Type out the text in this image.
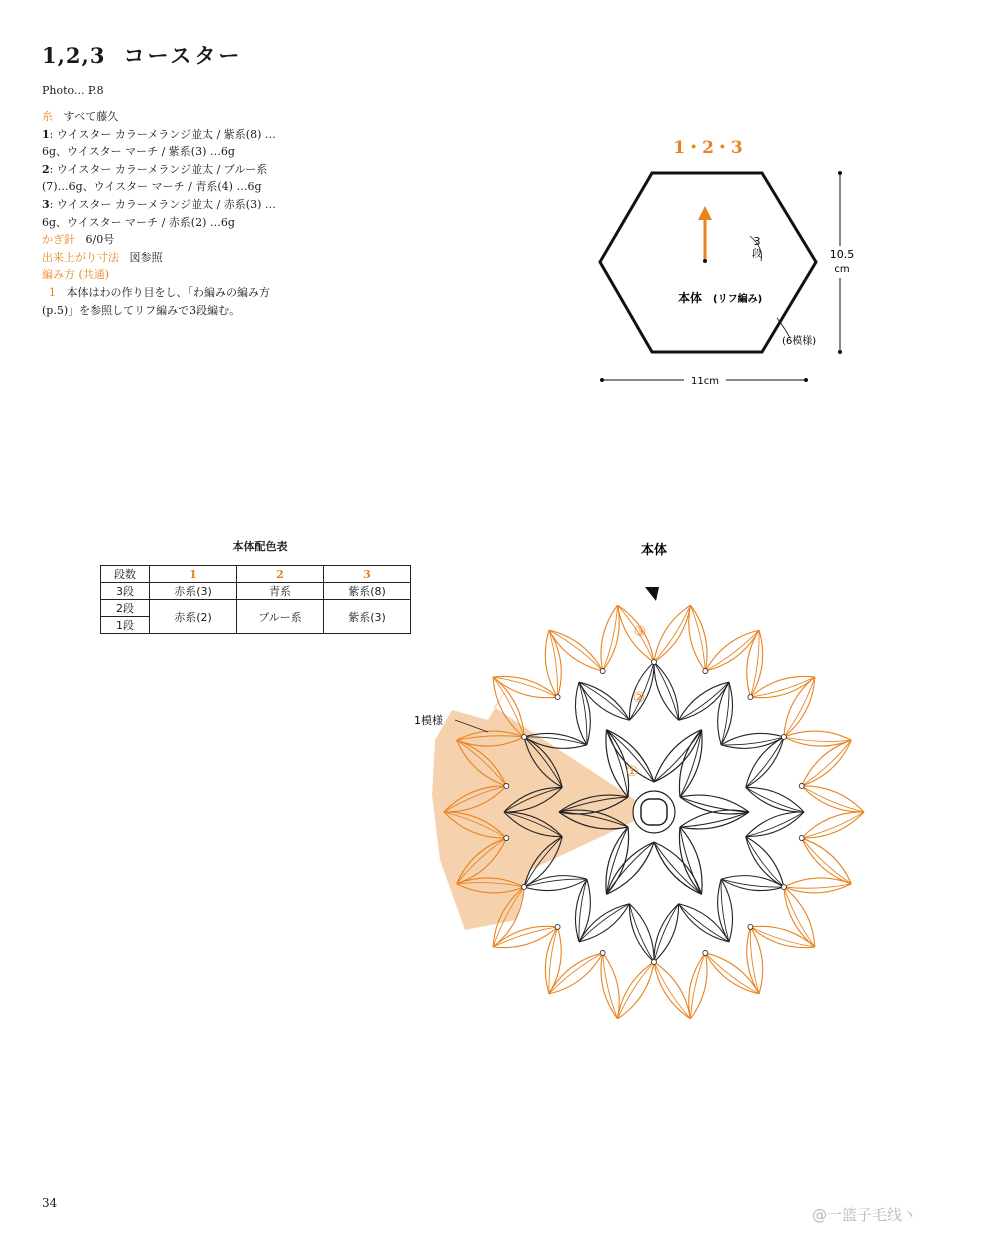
1,2,3 コースター
Photo... P.8
糸 すべて藤久
1: ウイスター カラーメランジ並太 / 紫系(8) …
6g、ウイスター マーチ / 紫系(3) …6g
2: ウイスター カラーメランジ並太 / ブルー系
(7)…6g、ウイスター マーチ / 青系(4) …6g
3: ウイスター カラーメランジ並太 / 赤系(3) …
6g、ウイスター マーチ / 赤系(2) …6g
かぎ針 6/0号
出来上がり寸法 図参照
編み方 (共通)
1 本体はわの作り目をし、「わ編みの編み方
(p.5)」を参照してリフ編みで3段編む。
1・2・3
3
段
本体 (リフ編み)
10.5
cm
(6模様)
11cm
本体配色表
段数	1	2	3
3段	赤系(3)	青系	紫系(8)
2段	赤系(2)	ブルー系	紫系(3)
1段			
本体
1模様
①
②
③
34
@一篮子毛线丶
